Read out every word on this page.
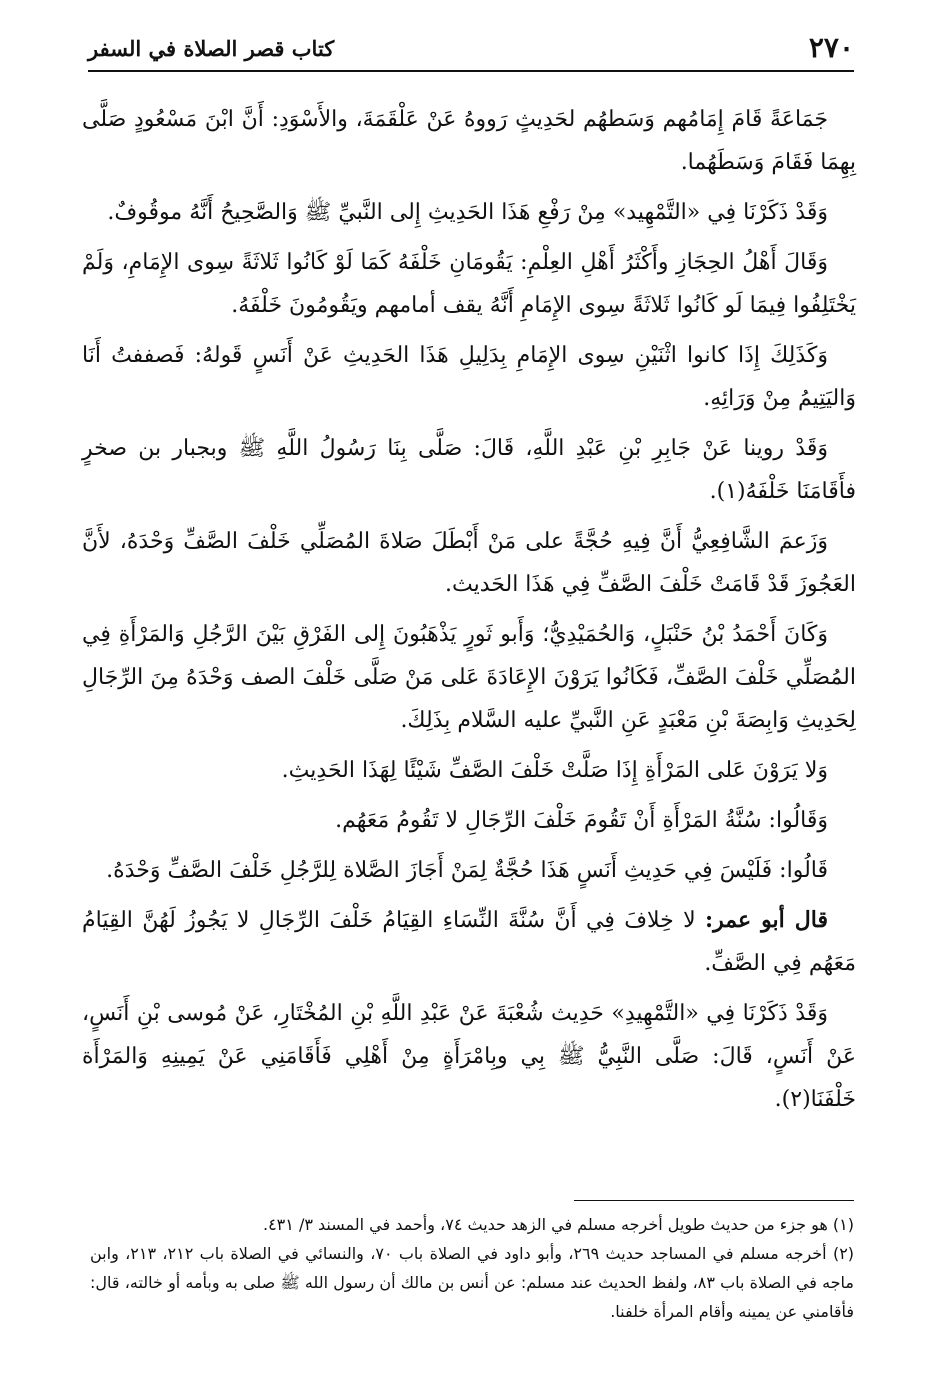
٢٧٠
كتاب قصر الصلاة في السفر

جَمَاعَةً قَامَ إِمَامُهم وَسَطهُم لحَدِيثٍ رَووهُ عَنْ عَلْقَمَةَ، والأَسْوَدِ: أَنَّ ابْنَ مَسْعُودٍ صَلَّى بِهِمَا فَقَامَ وَسَطَهُما.

وَقَدْ ذَكَرْنَا فِي «التَّمْهِيد» مِنْ رَفْعِ هَذَا الحَدِيثِ إِلى النَّبيِّ ﷺ وَالصَّحِيحُ أَنَّهُ موقُوفٌ.

وَقَالَ أَهْلُ الحِجَازِ وأَكْثَرُ أَهْلِ العِلْمِ: يَقُومَانِ خَلْفَهُ كَمَا لَوْ كَانُوا ثَلاثَةً سِوى الإِمَامِ، وَلَمْ يَخْتَلِفُوا فِيمَا لَو كَانُوا ثَلاثَةً سِوى الإِمَامِ أَنَّهُ يقف أمامهم ويَقُومُونَ خَلْفَهُ.

وَكَذَلِكَ إِذَا كانوا اثْنَيْنِ سِوى الإِمَامِ بِدَلِيلِ هَذَا الحَدِيثِ عَنْ أَنَسٍ قَولهُ: فَصففتُ أَنَا وَاليَتِيمُ مِنْ وَرَائِهِ.

وَقَدْ روينا عَنْ جَابِرِ بْنِ عَبْدِ اللَّهِ، قَالَ: صَلَّى بِنَا رَسُولُ اللَّهِ ﷺ وبجبار بن صخرٍ فأَقَامَنَا خَلْفَهُ(١).

وَزَعمَ الشَّافِعِيُّ أَنَّ فِيهِ حُجَّةً على مَنْ أَبْطَلَ صَلاةَ المُصَلِّي خَلْفَ الصَّفِّ وَحْدَهُ، لأَنَّ العَجُوزَ قَدْ قَامَتْ خَلْفَ الصَّفِّ فِي هَذَا الحَديث.

وَكَانَ أَحْمَدُ بْنُ حَنْبَلٍ، وَالحُمَيْدِيُّ؛ وَأَبو ثَورٍ يَذْهَبُونَ إِلى الفَرْقِ بَيْنَ الرَّجُلِ وَالمَرْأَةِ فِي المُصَلِّي خَلْفَ الصَّفِّ، فَكَانُوا يَرَوْنَ الإِعَادَةَ عَلى مَنْ صَلَّى خَلْفَ الصف وَحْدَهُ مِنَ الرِّجَالِ لِحَدِيثِ وَابِصَةَ بْنِ مَعْبَدٍ عَنِ النَّبيِّ عليه السَّلام بِذَلِكَ.

وَلا يَرَوْنَ عَلى المَرْأَةِ إِذَا صَلَّتْ خَلْفَ الصَّفِّ شَيْئًا لِهَذَا الحَدِيثِ.

وَقَالُوا: سُنَّةُ المَرْأَةِ أَنْ تَقُومَ خَلْفَ الرِّجَالِ لا تَقُومُ مَعَهُم.

قَالُوا: فَلَيْسَ فِي حَدِيثِ أَنَسٍ هَذَا حُجَّةٌ لِمَنْ أَجَازَ الصَّلاة لِلرَّجُلِ خَلْفَ الصَّفِّ وَحْدَهُ.

قال أبو عمر: لا خِلافَ فِي أَنَّ سُنَّةَ النِّسَاءِ القِيَامُ خَلْفَ الرِّجَالِ لا يَجُوزُ لَهُنَّ القِيَامُ مَعَهُم فِي الصَّفِّ.

وَقَدْ ذَكَرْنَا فِي «التَّمْهِيدِ» حَدِيث شُعْبَةَ عَنْ عَبْدِ اللَّهِ بْنِ المُخْتَارِ، عَنْ مُوسى بْنِ أَنَسٍ، عَنْ أَنَسٍ، قَالَ: صَلَّى النَّبِيُّ ﷺ بِي وبِامْرَأَةٍ مِنْ أَهْلِي فَأَقَامَنِي عَنْ يَمِينِهِ وَالمَرْأَة خَلْفَنَا(٢).

(١) هو جزء من حديث طويل أخرجه مسلم في الزهد حديث ٧٤، وأحمد في المسند ٣/ ٤٣١.

(٢) أخرجه مسلم في المساجد حديث ٢٦٩، وأبو داود في الصلاة باب ٧٠، والنسائي في الصلاة باب ٢١٢، ٢١٣، وابن ماجه في الصلاة باب ٨٣، ولفظ الحديث عند مسلم: عن أنس بن مالك أن رسول الله ﷺ صلى به وبأمه أو خالته، قال: فأقامني عن يمينه وأقام المرأة خلفنا.
